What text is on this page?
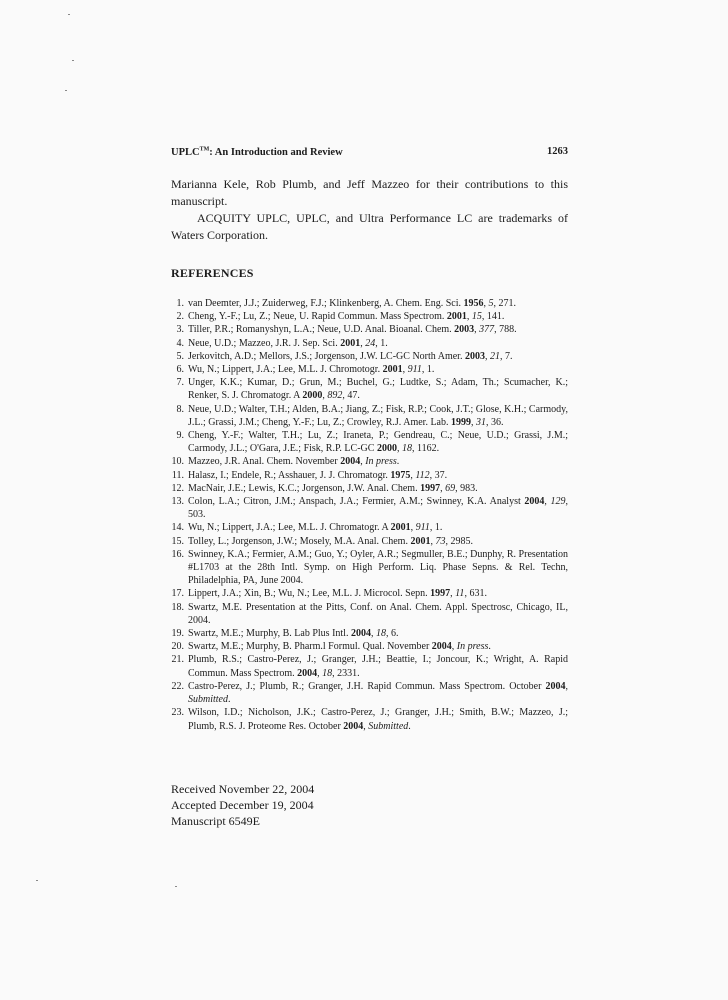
UPLC™: An Introduction and Review	1263

Marianna Kele, Rob Plumb, and Jeff Mazzeo for their contributions to this manuscript.

ACQUITY UPLC, UPLC, and Ultra Performance LC are trademarks of Waters Corporation.

REFERENCES
1. van Deemter, J.J.; Zuiderweg, F.J.; Klinkenberg, A. Chem. Eng. Sci. 1956, 5, 271.
2. Cheng, Y.-F.; Lu, Z.; Neue, U. Rapid Commun. Mass Spectrom. 2001, 15, 141.
3. Tiller, P.R.; Romanyshyn, L.A.; Neue, U.D. Anal. Bioanal. Chem. 2003, 377, 788.
4. Neue, U.D.; Mazzeo, J.R. J. Sep. Sci. 2001, 24, 1.
5. Jerkovitch, A.D.; Mellors, J.S.; Jorgenson, J.W. LC-GC North Amer. 2003, 21, 7.
6. Wu, N.; Lippert, J.A.; Lee, M.L. J. Chromotogr. 2001, 911, 1.
7. Unger, K.K.; Kumar, D.; Grun, M.; Buchel, G.; Ludtke, S.; Adam, Th.; Scumacher, K.; Renker, S. J. Chromatogr. A 2000, 892, 47.
8. Neue, U.D.; Walter, T.H.; Alden, B.A.; Jiang, Z.; Fisk, R.P.; Cook, J.T.; Glose, K.H.; Carmody, J.L.; Grassi, J.M.; Cheng, Y.-F.; Lu, Z.; Crowley, R.J. Amer. Lab. 1999, 31, 36.
9. Cheng, Y.-F.; Walter, T.H.; Lu, Z.; Iraneta, P.; Gendreau, C.; Neue, U.D.; Grassi, J.M.; Carmody, J.L.; O'Gara, J.E.; Fisk, R.P. LC-GC 2000, 18, 1162.
10. Mazzeo, J.R. Anal. Chem. November 2004, In press.
11. Halasz, I.; Endele, R.; Asshauer, J. J. Chromatogr. 1975, 112, 37.
12. MacNair, J.E.; Lewis, K.C.; Jorgenson, J.W. Anal. Chem. 1997, 69, 983.
13. Colon, L.A.; Citron, J.M.; Anspach, J.A.; Fermier, A.M.; Swinney, K.A. Analyst 2004, 129, 503.
14. Wu, N.; Lippert, J.A.; Lee, M.L. J. Chromatogr. A 2001, 911, 1.
15. Tolley, L.; Jorgenson, J.W.; Mosely, M.A. Anal. Chem. 2001, 73, 2985.
16. Swinney, K.A.; Fermier, A.M.; Guo, Y.; Oyler, A.R.; Segmuller, B.E.; Dunphy, R. Presentation #L1703 at the 28th Intl. Symp. on High Perform. Liq. Phase Sepns. & Rel. Techn, Philadelphia, PA, June 2004.
17. Lippert, J.A.; Xin, B.; Wu, N.; Lee, M.L. J. Microcol. Sepn. 1997, 11, 631.
18. Swartz, M.E. Presentation at the Pitts, Conf. on Anal. Chem. Appl. Spectrosc, Chicago, IL, 2004.
19. Swartz, M.E.; Murphy, B. Lab Plus Intl. 2004, 18, 6.
20. Swartz, M.E.; Murphy, B. Pharm.l Formul. Qual. November 2004, In press.
21. Plumb, R.S.; Castro-Perez, J.; Granger, J.H.; Beattie, I.; Joncour, K.; Wright, A. Rapid Commun. Mass Spectrom. 2004, 18, 2331.
22. Castro-Perez, J.; Plumb, R.; Granger, J.H. Rapid Commun. Mass Spectrom. October 2004, Submitted.
23. Wilson, I.D.; Nicholson, J.K.; Castro-Perez, J.; Granger, J.H.; Smith, B.W.; Mazzeo, J.; Plumb, R.S. J. Proteome Res. October 2004, Submitted.
Received November 22, 2004
Accepted December 19, 2004
Manuscript 6549E
